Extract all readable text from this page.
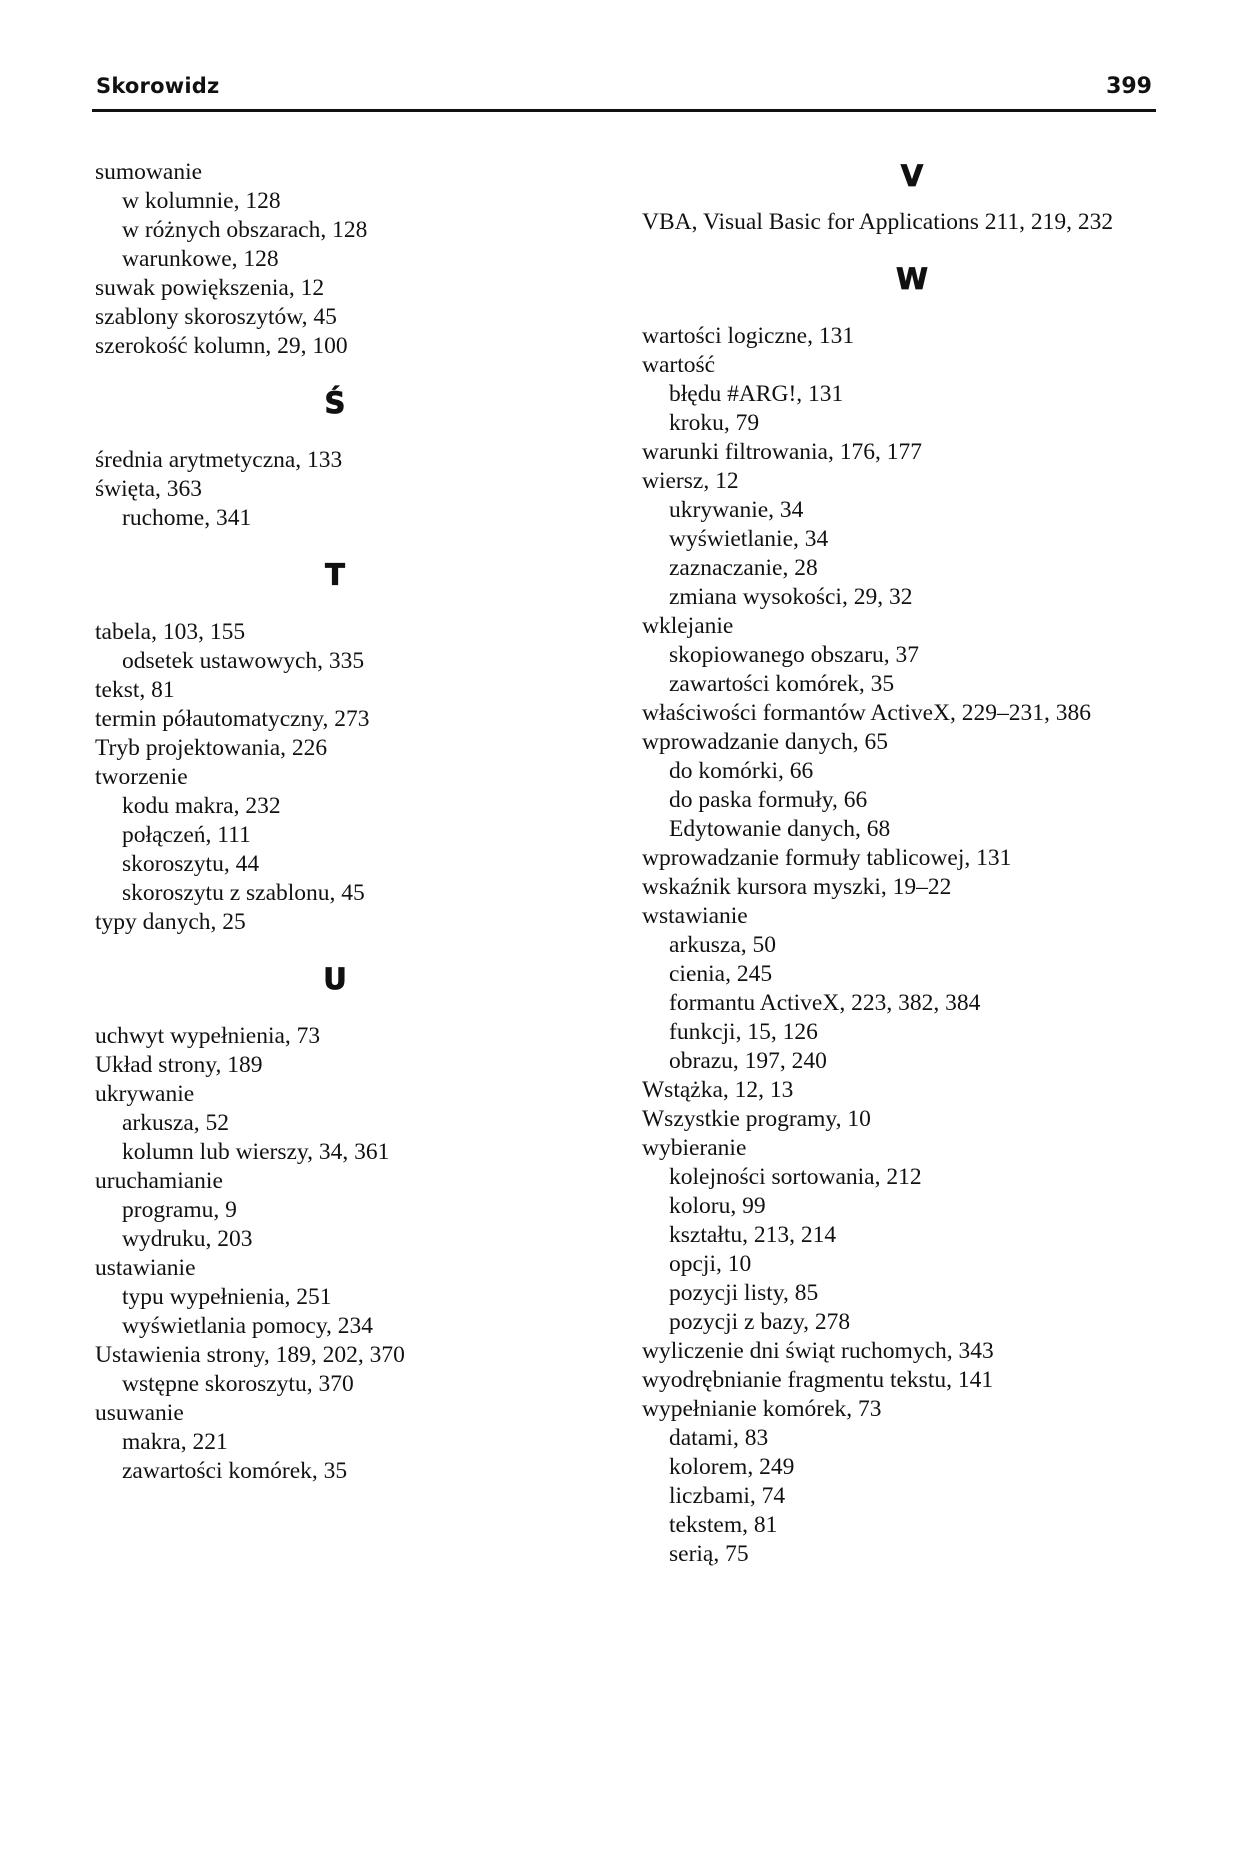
Skorowidz	399
sumowanie
w kolumnie, 128
w różnych obszarach, 128
warunkowe, 128
suwak powiększenia, 12
szablony skoroszytów, 45
szerokość kolumn, 29, 100
Ś
średnia arytmetyczna, 133
święta, 363
ruchome, 341
T
tabela, 103, 155
odsetek ustawowych, 335
tekst, 81
termin półautomatyczny, 273
Tryb projektowania, 226
tworzenie
kodu makra, 232
połączeń, 111
skoroszytu, 44
skoroszytu z szablonu, 45
typy danych, 25
U
uchwyt wypełnienia, 73
Układ strony, 189
ukrywanie
arkusza, 52
kolumn lub wierszy, 34, 361
uruchamianie
programu, 9
wydruku, 203
ustawianie
typu wypełnienia, 251
wyświetlania pomocy, 234
Ustawienia strony, 189, 202, 370
wstępne skoroszytu, 370
usuwanie
makra, 221
zawartości komórek, 35
V
VBA, Visual Basic for Applications 211, 219, 232
W
wartości logiczne, 131
wartość
błędu #ARG!, 131
kroku, 79
warunki filtrowania, 176, 177
wiersz, 12
ukrywanie, 34
wyświetlanie, 34
zaznaczanie, 28
zmiana wysokości, 29, 32
wklejanie
skopiowanego obszaru, 37
zawartości komórek, 35
właściwości formantów ActiveX, 229–231, 386
wprowadzanie danych, 65
do komórki, 66
do paska formuły, 66
Edytowanie danych, 68
wprowadzanie formuły tablicowej, 131
wskaźnik kursora myszki, 19–22
wstawianie
arkusza, 50
cienia, 245
formantu ActiveX, 223, 382, 384
funkcji, 15, 126
obrazu, 197, 240
Wstążka, 12, 13
Wszystkie programy, 10
wybieranie
kolejności sortowania, 212
koloru, 99
kształtu, 213, 214
opcji, 10
pozycji listy, 85
pozycji z bazy, 278
wyliczenie dni świąt ruchomych, 343
wyodrębnianie fragmentu tekstu, 141
wypełnianie komórek, 73
datami, 83
kolorem, 249
liczbami, 74
tekstem, 81
serią, 75
